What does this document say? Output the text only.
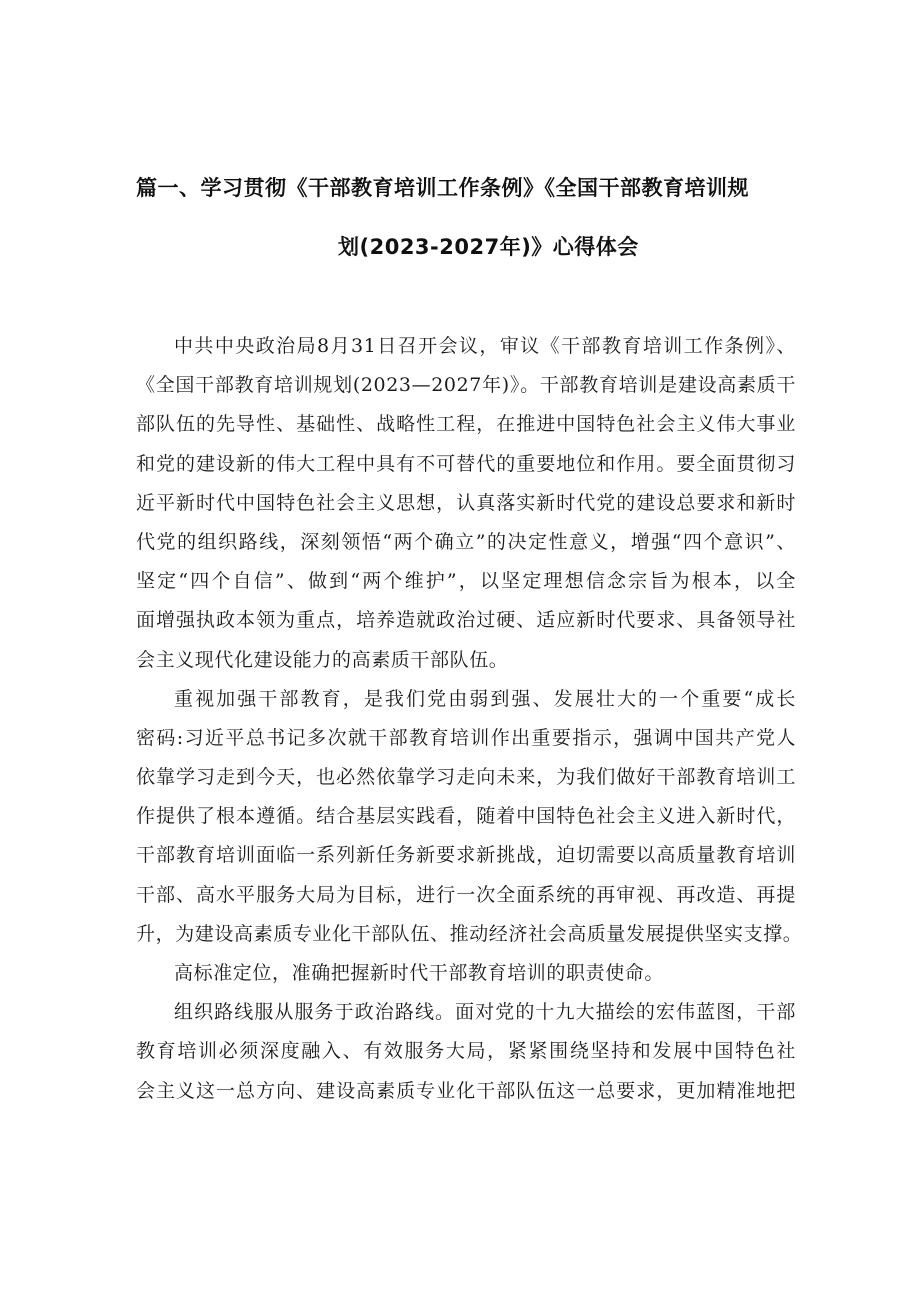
篇一、学习贯彻《干部教育培训工作条例》《全国干部教育培训规
划(2023-2027年)》心得体会
中共中央政治局8月31日召开会议，审议《干部教育培训工作条例》、
《全国干部教育培训规划(2023—2027年)》。干部教育培训是建设高素质干
部队伍的先导性、基础性、战略性工程，在推进中国特色社会主义伟大事业
和党的建设新的伟大工程中具有不可替代的重要地位和作用。要全面贯彻习
近平新时代中国特色社会主义思想，认真落实新时代党的建设总要求和新时
代党的组织路线，深刻领悟“两个确立”的决定性意义，增强“四个意识”、
坚定“四个自信”、做到“两个维护”，以坚定理想信念宗旨为根本，以全
面增强执政本领为重点，培养造就政治过硬、适应新时代要求、具备领导社
会主义现代化建设能力的高素质干部队伍。
重视加强干部教育，是我们党由弱到强、发展壮大的一个重要“成长
密码:习近平总书记多次就干部教育培训作出重要指示，强调中国共产党人
依靠学习走到今天，也必然依靠学习走向未来，为我们做好干部教育培训工
作提供了根本遵循。结合基层实践看，随着中国特色社会主义进入新时代，
干部教育培训面临一系列新任务新要求新挑战，迫切需要以高质量教育培训
干部、高水平服务大局为目标，进行一次全面系统的再审视、再改造、再提
升，为建设高素质专业化干部队伍、推动经济社会高质量发展提供坚实支撑。
高标准定位，准确把握新时代干部教育培训的职责使命。
组织路线服从服务于政治路线。面对党的十九大描绘的宏伟蓝图，干部
教育培训必须深度融入、有效服务大局，紧紧围绕坚持和发展中国特色社
会主义这一总方向、建设高素质专业化干部队伍这一总要求，更加精准地把
